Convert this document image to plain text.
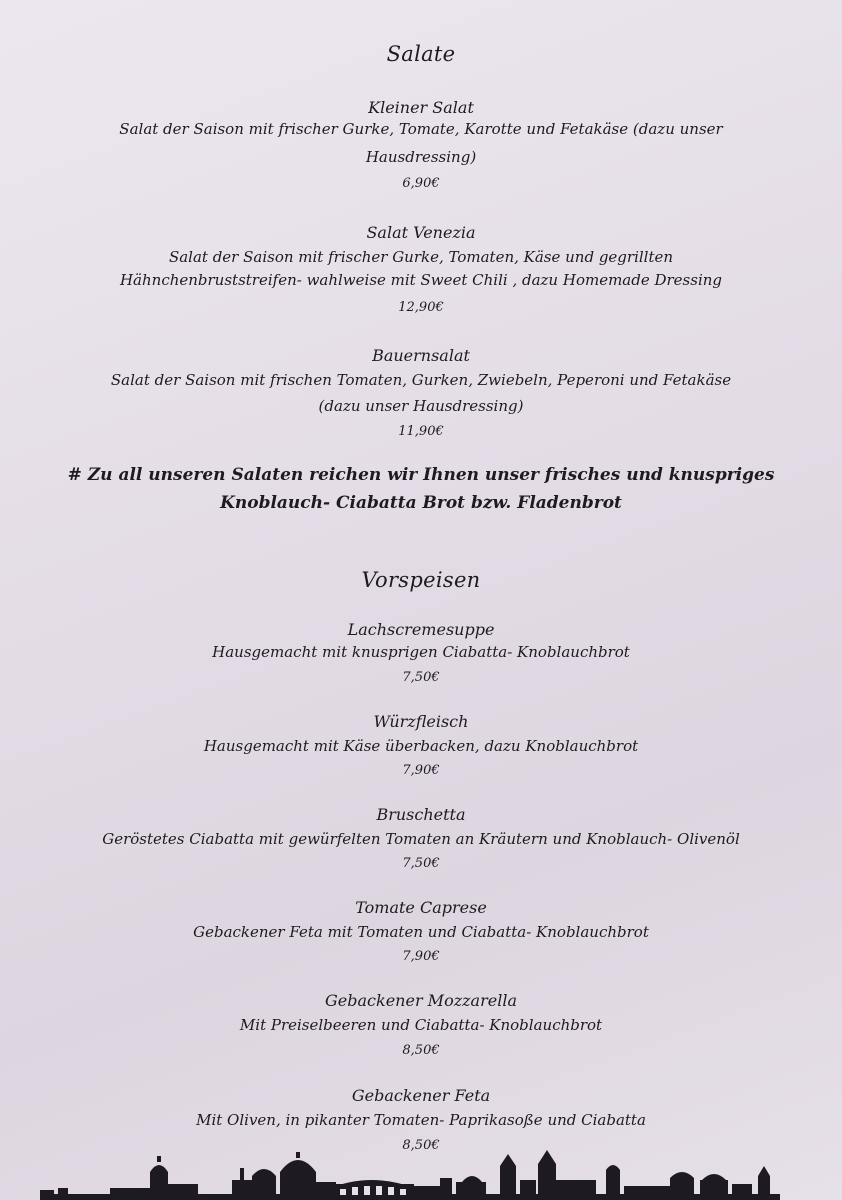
Salate
Kleiner Salat
Salat der Saison mit frischer Gurke, Tomate, Karotte und Fetakäse (dazu unser
Hausdressing)
6,90€
Salat Venezia
Salat der Saison mit frischer Gurke, Tomaten, Käse und gegrillten
Hähnchenbruststreifen- wahlweise mit Sweet Chili , dazu Homemade Dressing
12,90€
Bauernsalat
Salat der Saison mit frischen Tomaten, Gurken, Zwiebeln, Peperoni und Fetakäse
(dazu unser Hausdressing)
11,90€
# Zu all unseren Salaten reichen wir Ihnen unser frisches und knuspriges
Knoblauch- Ciabatta Brot bzw. Fladenbrot
Vorspeisen
Lachscremesuppe
Hausgemacht mit knusprigen Ciabatta- Knoblauchbrot
7,50€
Würzfleisch
Hausgemacht mit Käse überbacken, dazu Knoblauchbrot
7,90€
Bruschetta
Geröstetes Ciabatta mit gewürfelten Tomaten an Kräutern und Knoblauch- Olivenöl
7,50€
Tomate Caprese
Gebackener Feta mit Tomaten und Ciabatta- Knoblauchbrot
7,90€
Gebackener Mozzarella
Mit Preiselbeeren und Ciabatta- Knoblauchbrot
8,50€
Gebackener Feta
Mit Oliven, in pikanter Tomaten- Paprikasoße und Ciabatta
8,50€
